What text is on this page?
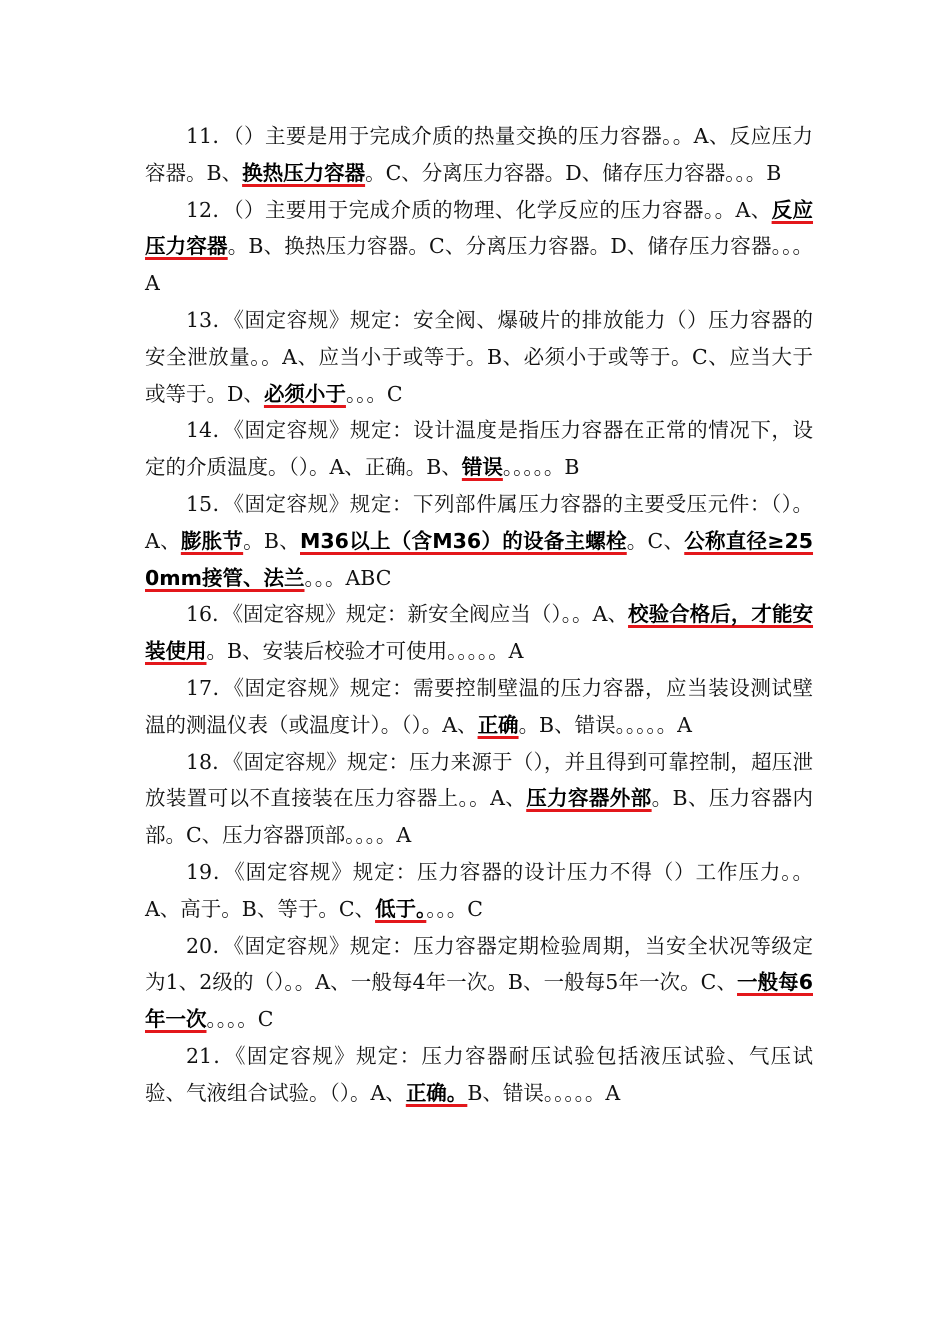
11．（）主要是用于完成介质的热量交换的压力容器。。A、反应压力容器。B、换热压力容器。C、分离压力容器。D、储存压力容器。。。B

12．（）主要用于完成介质的物理、化学反应的压力容器。。A、反应压力容器。B、换热压力容器。C、分离压力容器。D、储存压力容器。。。A

13．《固定容规》规定：安全阀、爆破片的排放能力（）压力容器的安全泄放量。。A、应当小于或等于。B、必须小于或等于。C、应当大于或等于。D、必须小于。。。C

14．《固定容规》规定：设计温度是指压力容器在正常的情况下，设定的介质温度。（）。A、正确。B、错误。。。。。B

15．《固定容规》规定：下列部件属压力容器的主要受压元件：（）。A、膨胀节。B、M36以上（含M36）的设备主螺栓。C、公称直径≥250mm接管、法兰。。。ABC

16．《固定容规》规定：新安全阀应当（）。。A、校验合格后，才能安装使用。B、安装后校验才可使用。。。。。A

17．《固定容规》规定：需要控制壁温的压力容器，应当装设测试壁温的测温仪表（或温度计）。（）。A、正确。B、错误。。。。。A

18．《固定容规》规定：压力来源于（），并且得到可靠控制，超压泄放装置可以不直接装在压力容器上。。A、压力容器外部。B、压力容器内部。C、压力容器顶部。。。。A

19．《固定容规》规定：压力容器的设计压力不得（）工作压力。。A、高于。B、等于。C、低于。。。。C

20．《固定容规》规定：压力容器定期检验周期，当安全状况等级定为1、2级的（）。。A、一般每4年一次。B、一般每5年一次。C、一般每6年一次。。。。C

21．《固定容规》规定：压力容器耐压试验包括液压试验、气压试验、气液组合试验。（）。A、正确。B、错误。。。。。A
